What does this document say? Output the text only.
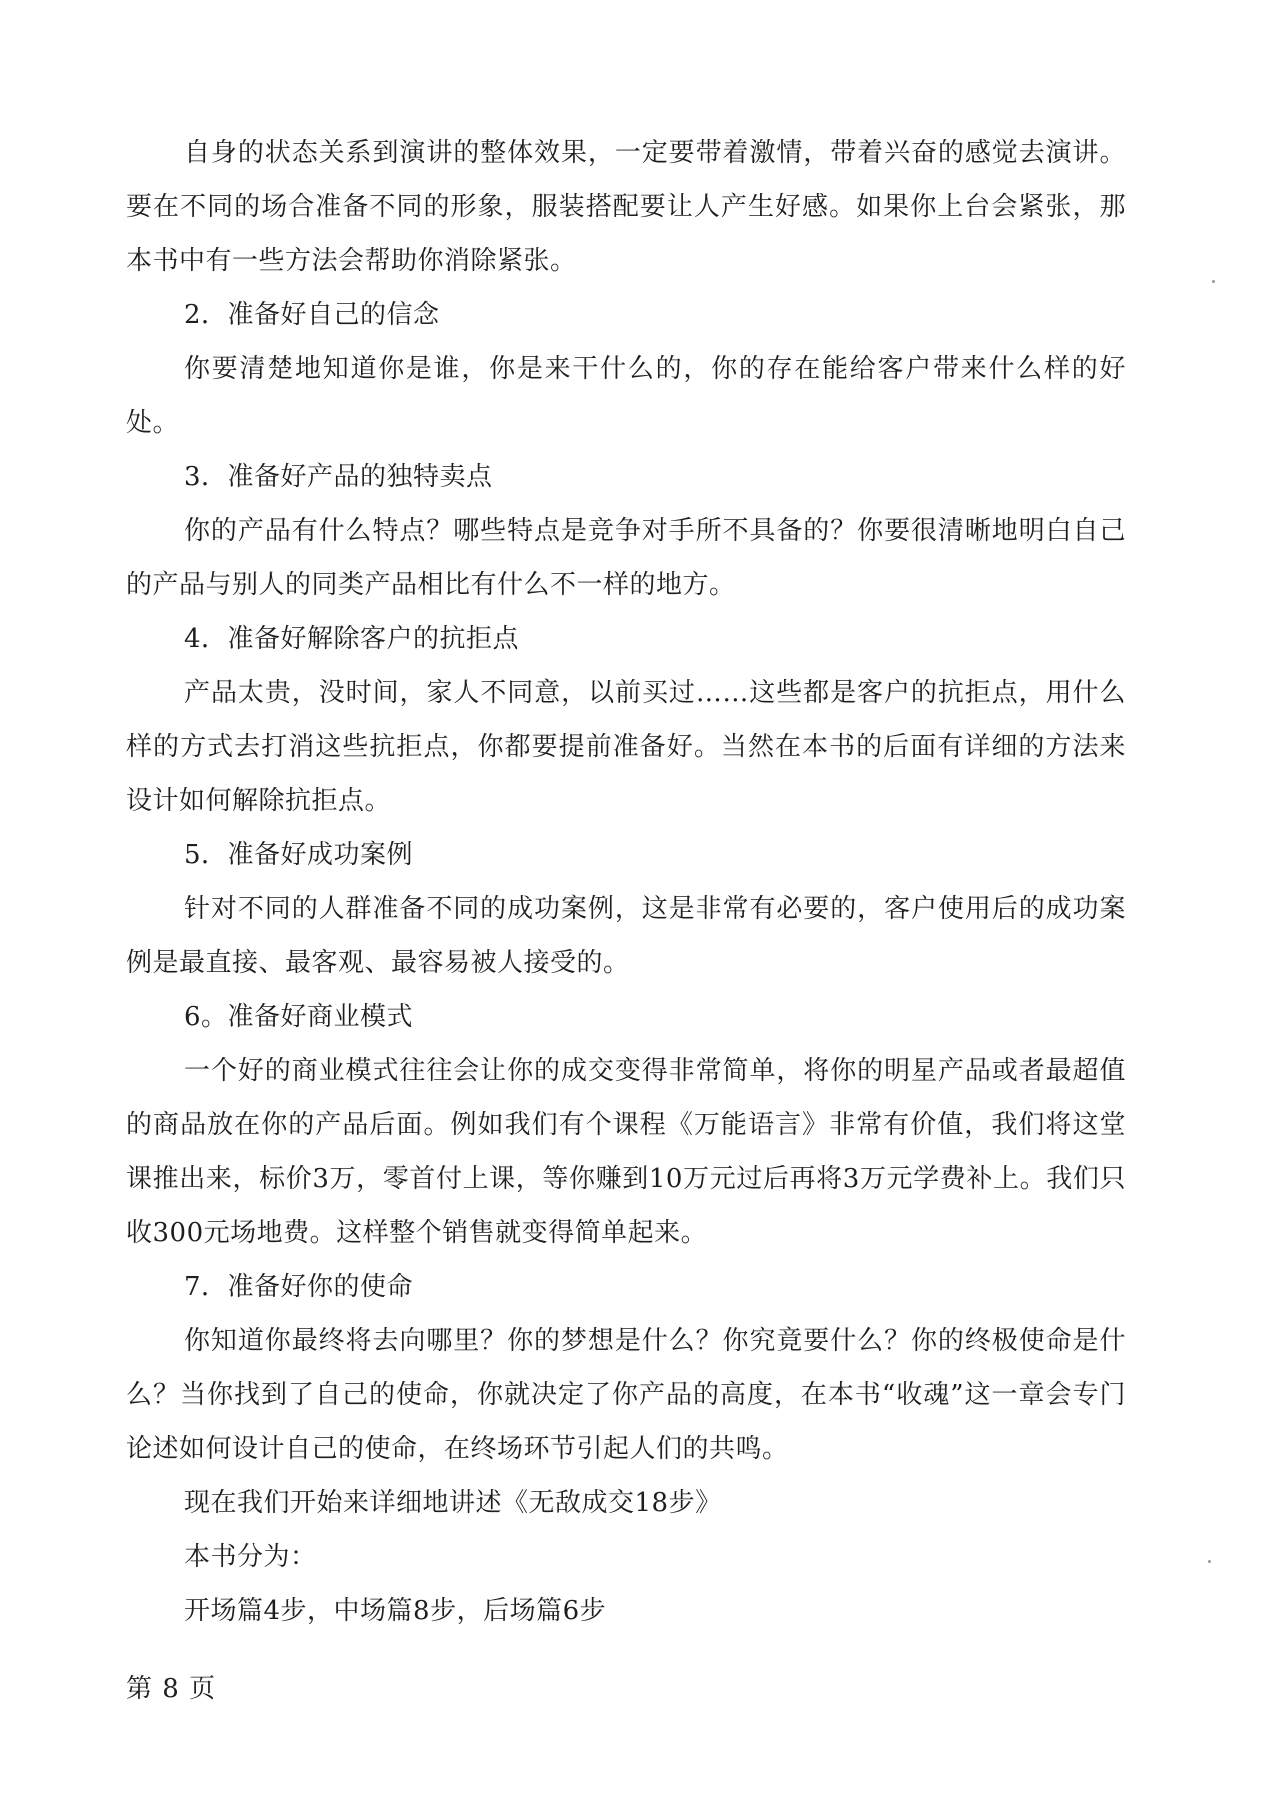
自身的状态关系到演讲的整体效果，一定要带着激情，带着兴奋的感觉去演讲。要在不同的场合准备不同的形象，服装搭配要让人产生好感。如果你上台会紧张，那本书中有一些方法会帮助你消除紧张。

2．准备好自己的信念

你要清楚地知道你是谁，你是来干什么的，你的存在能给客户带来什么样的好处。

3．准备好产品的独特卖点

你的产品有什么特点？哪些特点是竞争对手所不具备的？你要很清晰地明白自己的产品与别人的同类产品相比有什么不一样的地方。

4．准备好解除客户的抗拒点

产品太贵，没时间，家人不同意，以前买过……这些都是客户的抗拒点，用什么样的方式去打消这些抗拒点，你都要提前准备好。当然在本书的后面有详细的方法来设计如何解除抗拒点。

5．准备好成功案例

针对不同的人群准备不同的成功案例，这是非常有必要的，客户使用后的成功案例是最直接、最客观、最容易被人接受的。

6。准备好商业模式

一个好的商业模式往往会让你的成交变得非常简单，将你的明星产品或者最超值的商品放在你的产品后面。例如我们有个课程《万能语言》非常有价值，我们将这堂课推出来，标价3万，零首付上课，等你赚到10万元过后再将3万元学费补上。我们只收300元场地费。这样整个销售就变得简单起来。

7．准备好你的使命

你知道你最终将去向哪里？你的梦想是什么？你究竟要什么？你的终极使命是什么？当你找到了自己的使命，你就决定了你产品的高度，在本书“收魂”这一章会专门论述如何设计自己的使命，在终场环节引起人们的共鸣。

现在我们开始来详细地讲述《无敌成交18步》

本书分为：

开场篇4步，中场篇8步，后场篇6步

第 8 页
